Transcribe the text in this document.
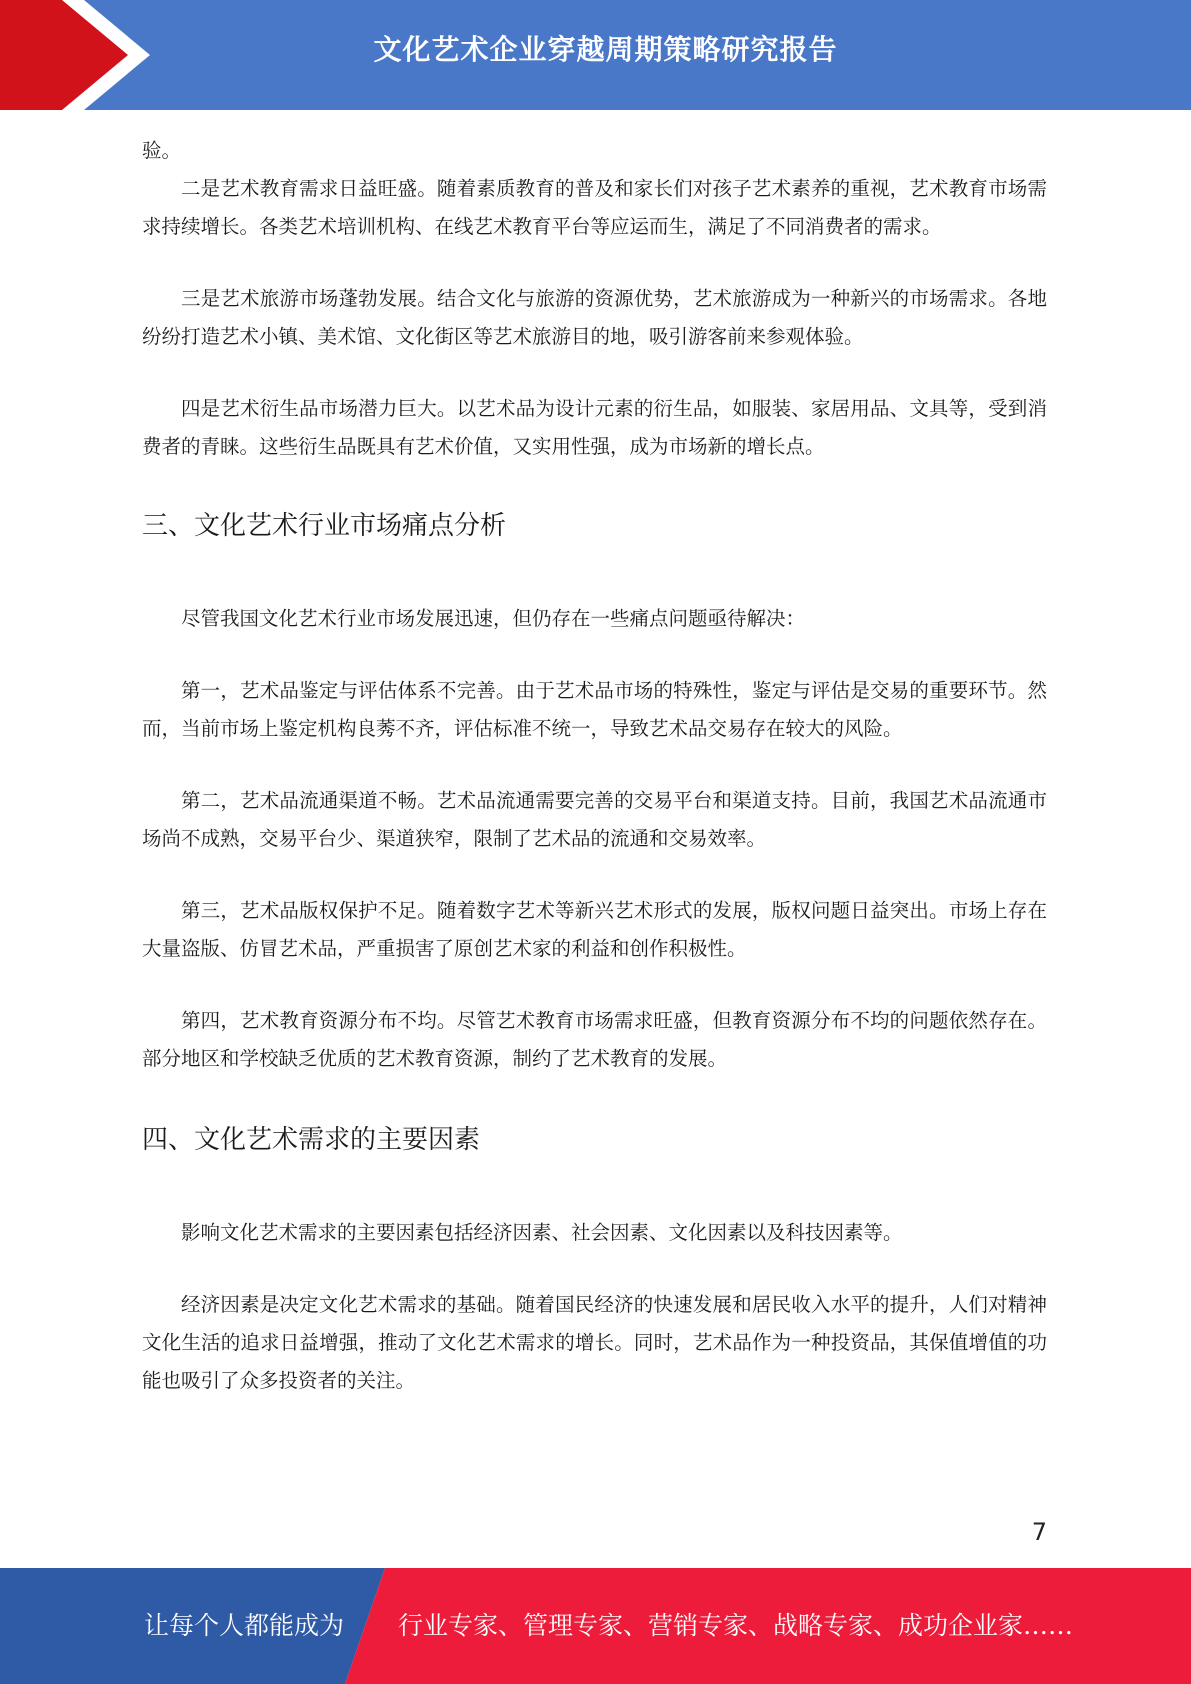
文化艺术企业穿越周期策略研究报告

验。

二是艺术教育需求日益旺盛。随着素质教育的普及和家长们对孩子艺术素养的重视，艺术教育市场需求持续增长。各类艺术培训机构、在线艺术教育平台等应运而生，满足了不同消费者的需求。

三是艺术旅游市场蓬勃发展。结合文化与旅游的资源优势，艺术旅游成为一种新兴的市场需求。各地纷纷打造艺术小镇、美术馆、文化街区等艺术旅游目的地，吸引游客前来参观体验。

四是艺术衍生品市场潜力巨大。以艺术品为设计元素的衍生品，如服装、家居用品、文具等，受到消费者的青睐。这些衍生品既具有艺术价值，又实用性强，成为市场新的增长点。

三、文化艺术行业市场痛点分析

尽管我国文化艺术行业市场发展迅速，但仍存在一些痛点问题亟待解决：

第一，艺术品鉴定与评估体系不完善。由于艺术品市场的特殊性，鉴定与评估是交易的重要环节。然而，当前市场上鉴定机构良莠不齐，评估标准不统一，导致艺术品交易存在较大的风险。

第二，艺术品流通渠道不畅。艺术品流通需要完善的交易平台和渠道支持。目前，我国艺术品流通市场尚不成熟，交易平台少、渠道狭窄，限制了艺术品的流通和交易效率。

第三，艺术品版权保护不足。随着数字艺术等新兴艺术形式的发展，版权问题日益突出。市场上存在大量盗版、仿冒艺术品，严重损害了原创艺术家的利益和创作积极性。

第四，艺术教育资源分布不均。尽管艺术教育市场需求旺盛，但教育资源分布不均的问题依然存在。部分地区和学校缺乏优质的艺术教育资源，制约了艺术教育的发展。

四、文化艺术需求的主要因素

影响文化艺术需求的主要因素包括经济因素、社会因素、文化因素以及科技因素等。

经济因素是决定文化艺术需求的基础。随着国民经济的快速发展和居民收入水平的提升，人们对精神文化生活的追求日益增强，推动了文化艺术需求的增长。同时，艺术品作为一种投资品，其保值增值的功能也吸引了众多投资者的关注。

7
让每个人都能成为 行业专家、管理专家、营销专家、战略专家、成功企业家……
